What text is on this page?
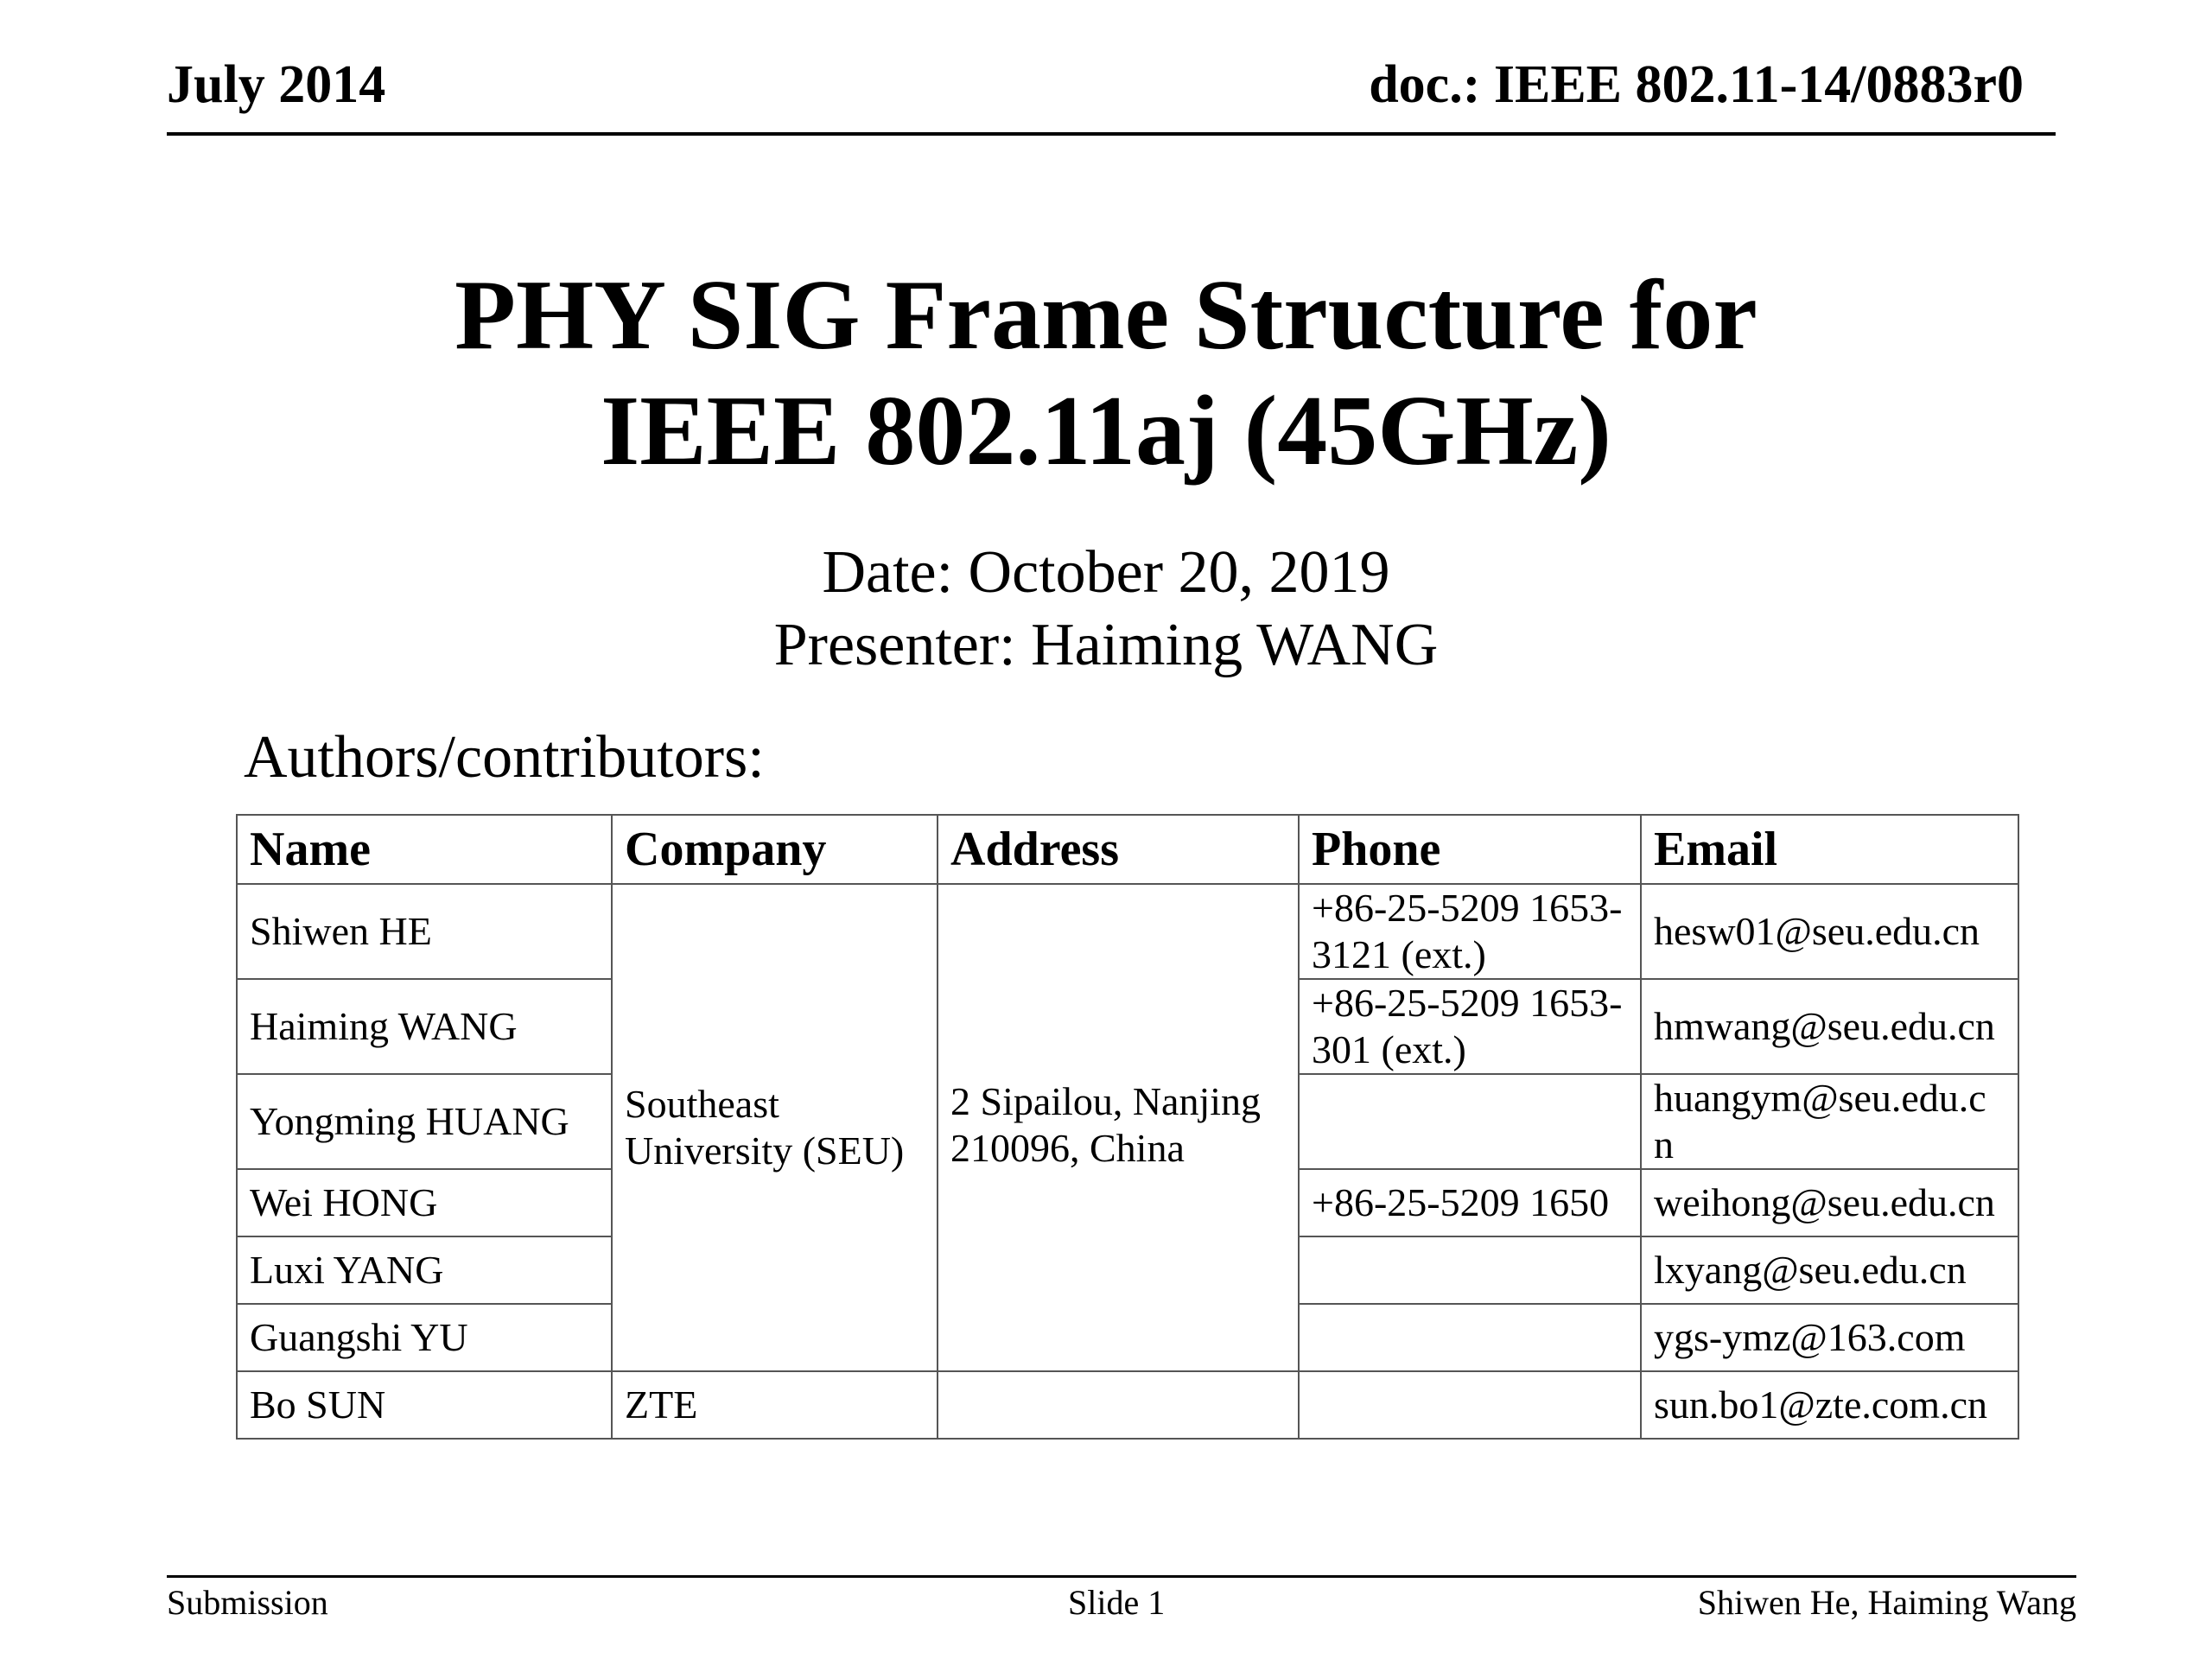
July 2014	doc.: IEEE 802.11-14/0883r0
PHY SIG Frame Structure for
IEEE 802.11aj (45GHz)
Date: October 20, 2019
Presenter: Haiming WANG
Authors/contributors:
Name	Company	Address	Phone	Email
Shiwen HE	Southeast University (SEU)	2 Sipailou, Nanjing 210096, China	+86-25-5209 1653-3121 (ext.)	hesw01@seu.edu.cn
Haiming WANG			+86-25-5209 1653-301 (ext.)	hmwang@seu.edu.cn
Yongming HUANG				huangym@seu.edu.cn
Wei HONG			+86-25-5209 1650	weihong@seu.edu.cn
Luxi YANG				lxyang@seu.edu.cn
Guangshi YU				ygs-ymz@163.com
Bo SUN	ZTE			sun.bo1@zte.com.cn
Submission	Slide 1	Shiwen He, Haiming Wang
